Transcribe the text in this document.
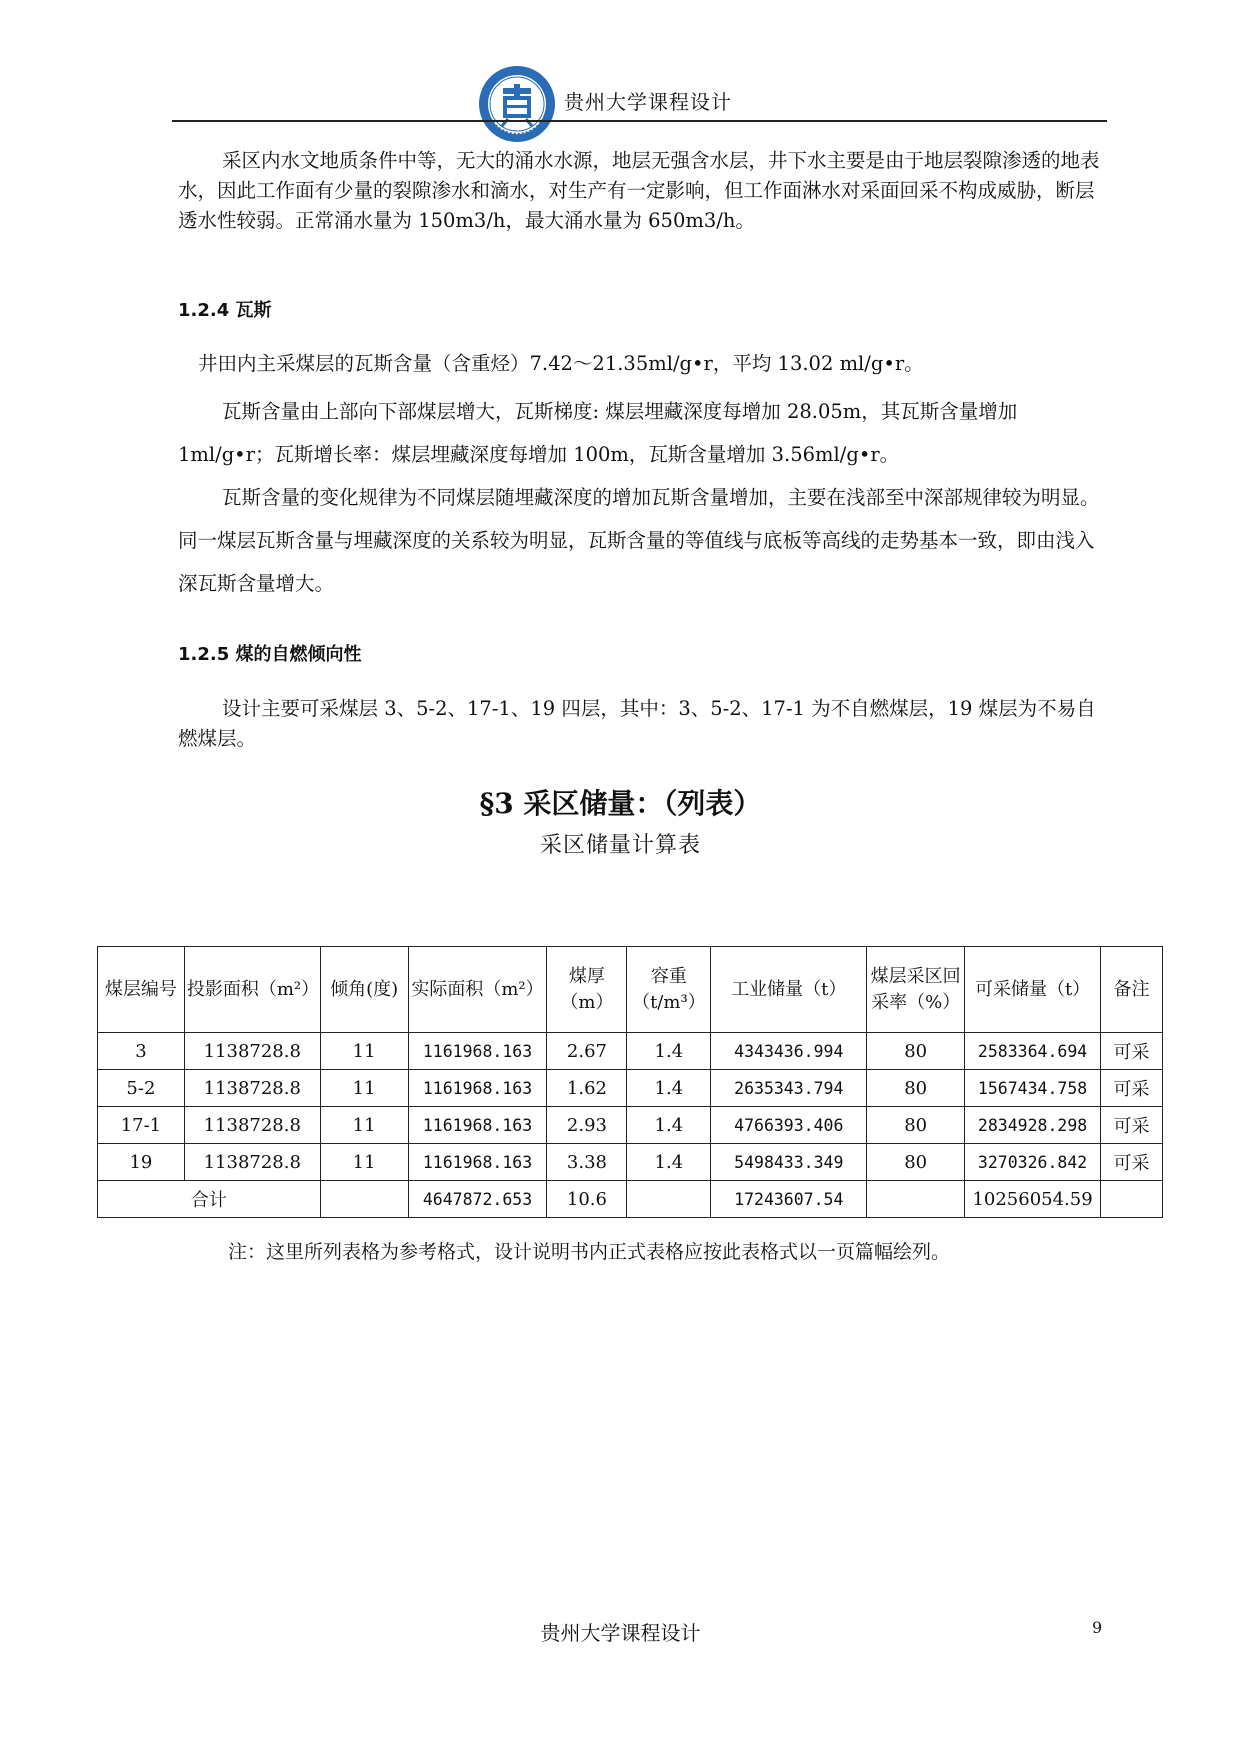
贵州大学课程设计

采区内水文地质条件中等，无大的涌水水源，地层无强含水层，井下水主要是由于地层裂隙渗透的地表水，因此工作面有少量的裂隙渗水和滴水，对生产有一定影响，但工作面淋水对采面回采不构成威胁，断层透水性较弱。正常涌水量为 150m3/h，最大涌水量为 650m3/h。

1.2.4 瓦斯

井田内主采煤层的瓦斯含量（含重烃）7.42～21.35ml/g•r，平均 13.02 ml/g•r。

瓦斯含量由上部向下部煤层增大，瓦斯梯度: 煤层埋藏深度每增加 28.05m，其瓦斯含量增加 1ml/g•r；瓦斯增长率：煤层埋藏深度每增加 100m，瓦斯含量增加 3.56ml/g•r。

瓦斯含量的变化规律为不同煤层随埋藏深度的增加瓦斯含量增加，主要在浅部至中深部规律较为明显。同一煤层瓦斯含量与埋藏深度的关系较为明显，瓦斯含量的等值线与底板等高线的走势基本一致，即由浅入深瓦斯含量增大。

1.2.5 煤的自燃倾向性

设计主要可采煤层 3、5-2、17-1、19 四层，其中：3、5-2、17-1 为不自燃煤层，19 煤层为不易自燃煤层。

§3 采区储量：（列表）

采区储量计算表

煤层编号	投影面积（m²）	倾角(度)	实际面积（m²）	煤厚（m）	容重（t/m³）	工业储量（t）	煤层采区回采率（%）	可采储量（t）	备注
3	1138728.8	11	1161968.163	2.67	1.4	4343436.994	80	2583364.694	可采
5-2	1138728.8	11	1161968.163	1.62	1.4	2635343.794	80	1567434.758	可采
17-1	1138728.8	11	1161968.163	2.93	1.4	4766393.406	80	2834928.298	可采
19	1138728.8	11	1161968.163	3.38	1.4	5498433.349	80	3270326.842	可采
合计			4647872.653	10.6		17243607.54		10256054.59	

注：这里所列表格为参考格式，设计说明书内正式表格应按此表格式以一页篇幅绘列。

贵州大学课程设计	9
